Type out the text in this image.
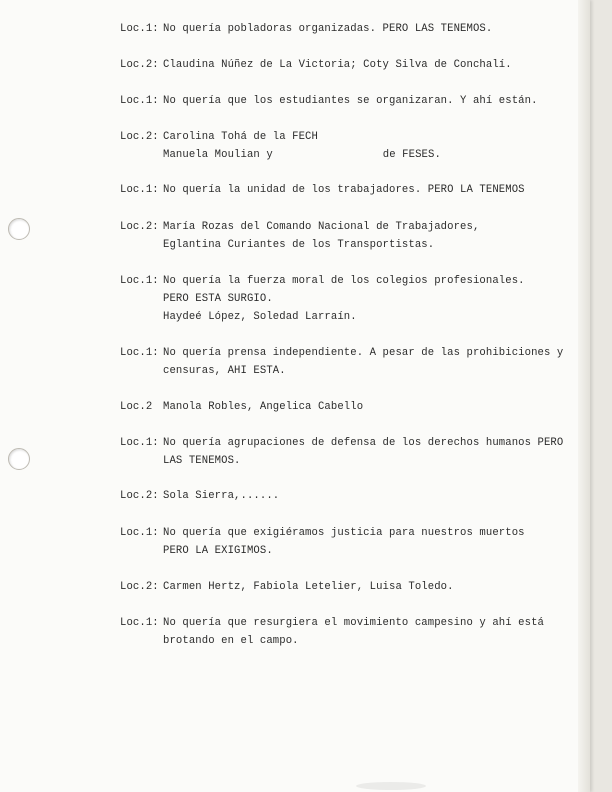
Loc.1: No quería pobladoras organizadas. PERO LAS TENEMOS.
Loc.2: Claudina Núñez de La Victoria; Coty Silva de Conchalí.
Loc.1: No quería que los estudiantes se organizaran. Y ahí están.
Loc.2: Carolina Tohá de la FECH
Manuela Moulian y	de FESES.
Loc.1: No quería la unidad de los trabajadores. PERO LA TENEMOS
Loc.2: María Rozas del Comando Nacional de Trabajadores,
Eglantina Curiantes de los Transportistas.
Loc.1: No quería la fuerza moral de los colegios profesionales.
PERO ESTA SURGIO.
Haydeé López, Soledad Larraín.
Loc.1: No quería prensa independiente. A pesar de las prohibiciones y
censuras, AHI ESTA.
Loc.2 Manola Robles, Angelica Cabello
Loc.1: No quería agrupaciones de defensa de los derechos humanos PERO
LAS TENEMOS.
Loc.2: Sola Sierra,......
Loc.1: No quería que exigiéramos justicia para nuestros muertos
PERO LA EXIGIMOS.
Loc.2: Carmen Hertz, Fabiola Letelier, Luisa Toledo.
Loc.1: No quería que resurgiera el movimiento campesino y ahí está
brotando en el campo.
